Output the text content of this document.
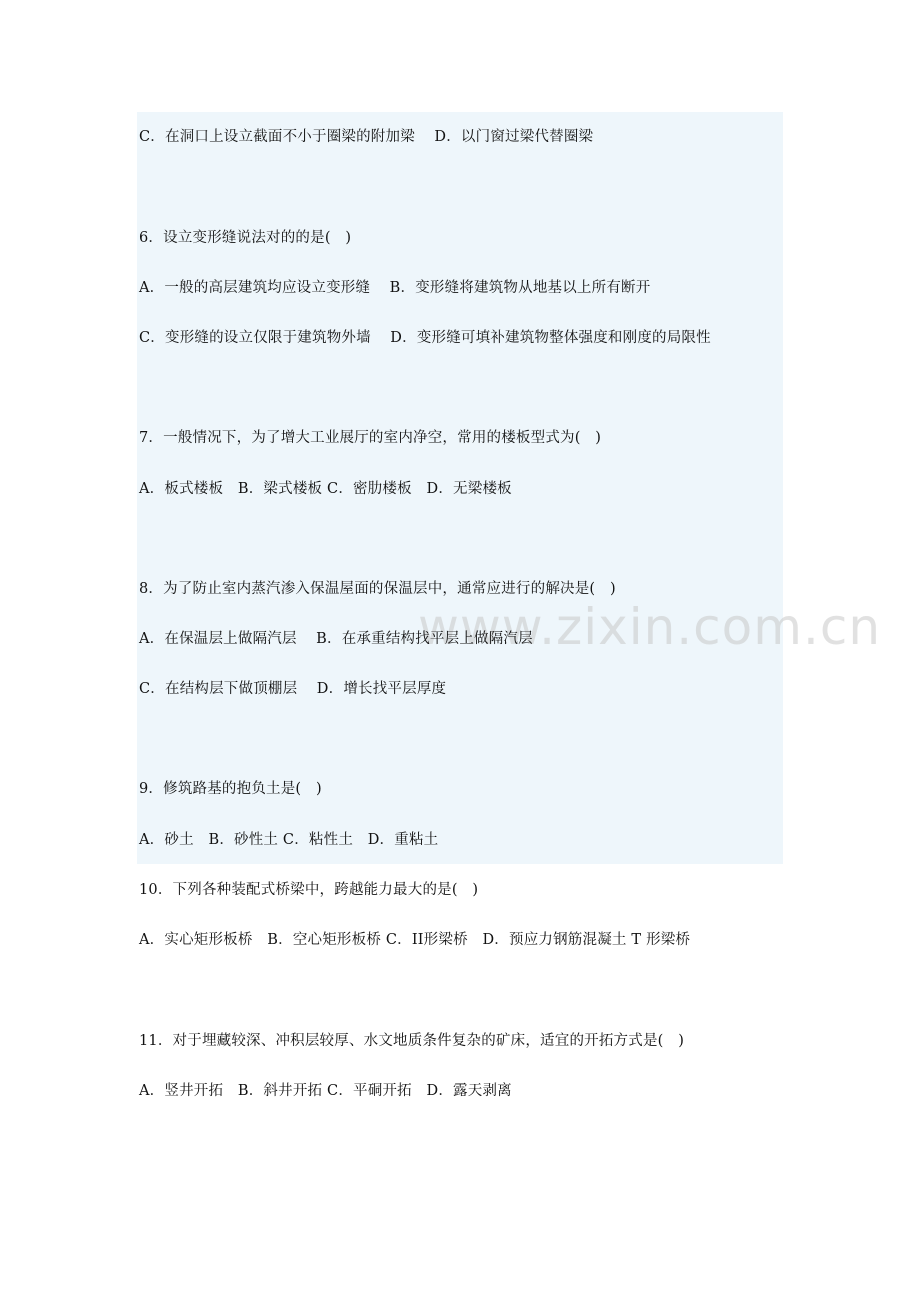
www.zixin.com.cn
C．在洞口上设立截面不小于圈梁的附加梁　 D．以门窗过梁代替圈梁
6．设立变形缝说法对的的是(　)
A．一般的高层建筑均应设立变形缝　 B．变形缝将建筑物从地基以上所有断开
C．变形缝的设立仅限于建筑物外墙　 D．变形缝可填补建筑物整体强度和刚度的局限性
7．一般情况下，为了增大工业展厅的室内净空，常用的楼板型式为(　)
A．板式楼板　B．梁式楼板 C．密肋楼板　D．无梁楼板
8．为了防止室内蒸汽渗入保温屋面的保温层中，通常应进行的解决是(　)
A．在保温层上做隔汽层　 B．在承重结构找平层上做隔汽层
C．在结构层下做顶棚层　 D．增长找平层厚度
9．修筑路基的抱负土是(　)
A．砂土　B．砂性土 C．粘性土　D．重粘土
10．下列各种装配式桥梁中，跨越能力最大的是(　)
A．实心矩形板桥　B．空心矩形板桥 C．II形梁桥　D．预应力钢筋混凝土 T 形梁桥
11．对于埋藏较深、冲积层较厚、水文地质条件复杂的矿床，适宜的开拓方式是(　)
A．竖井开拓　B．斜井开拓 C．平硐开拓　D．露天剥离
